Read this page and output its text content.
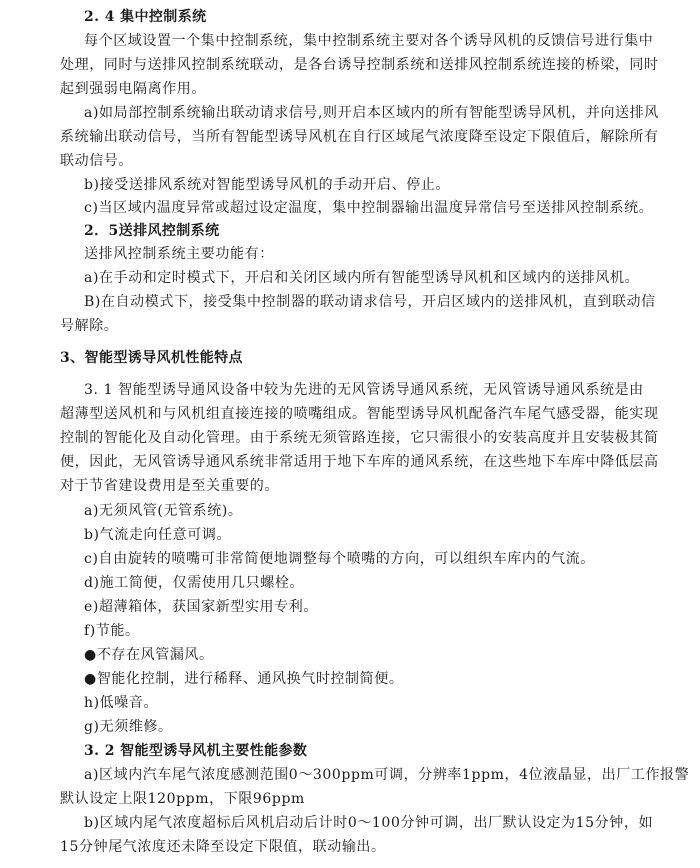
2. 4 集中控制系统
每个区域设置一个集中控制系统，集中控制系统主要对各个诱导风机的反馈信号进行集中
处理，同时与送排风控制系统联动，是各台诱导控制系统和送排风控制系统连接的桥梁，同时
起到强弱电隔离作用。
a)如局部控制系统输出联动请求信号,则开启本区域内的所有智能型诱导风机，并向送排风
系统输出联动信号，当所有智能型诱导风机在自行区域尾气浓度降至设定下限值后，解除所有
联动信号。
b)接受送排风系统对智能型诱导风机的手动开启、停止。
c)当区域内温度异常或超过设定温度，集中控制器输出温度异常信号至送排风控制系统。
2．5送排风控制系统
送排风控制系统主要功能有：
a)在手动和定时模式下，开启和关闭区域内所有智能型诱导风机和区域内的送排风机。
B)在自动模式下，接受集中控制器的联动请求信号，开启区域内的送排风机，直到联动信
号解除。
3、智能型诱导风机性能特点
3. 1 智能型诱导通风设备中较为先进的无风管诱导通风系统，无风管诱导通风系统是由
超薄型送风机和与风机组直接连接的喷嘴组成。智能型诱导风机配备汽车尾气感受器，能实现
控制的智能化及自动化管理。由于系统无须管路连接，它只需很小的安装高度并且安装极其简
便，因此，无风管诱导通风系统非常适用于地下车库的通风系统，在这些地下车库中降低层高
对于节省建设费用是至关重要的。
a)无须风管(无管系统)。
b)气流走向任意可调。
c)自由旋转的喷嘴可非常简便地调整每个喷嘴的方向，可以组织车库内的气流。
d)施工简便，仅需使用几只螺栓。
e)超薄箱体，获国家新型实用专利。
f)节能。
●不存在风管漏风。
●智能化控制，进行稀释、通风换气时控制简便。
h)低噪音。
g)无须维修。
3. 2 智能型诱导风机主要性能参数
a)区域内汽车尾气浓度感测范围0～300ppm可调，分辨率1ppm，4位液晶显，出厂工作报警
默认设定上限120ppm，下限96ppm
b)区域内尾气浓度超标后风机启动后计时0～100分钟可调，出厂默认设定为15分钟，如
15分钟尾气浓度还未降至设定下限值，联动输出。
